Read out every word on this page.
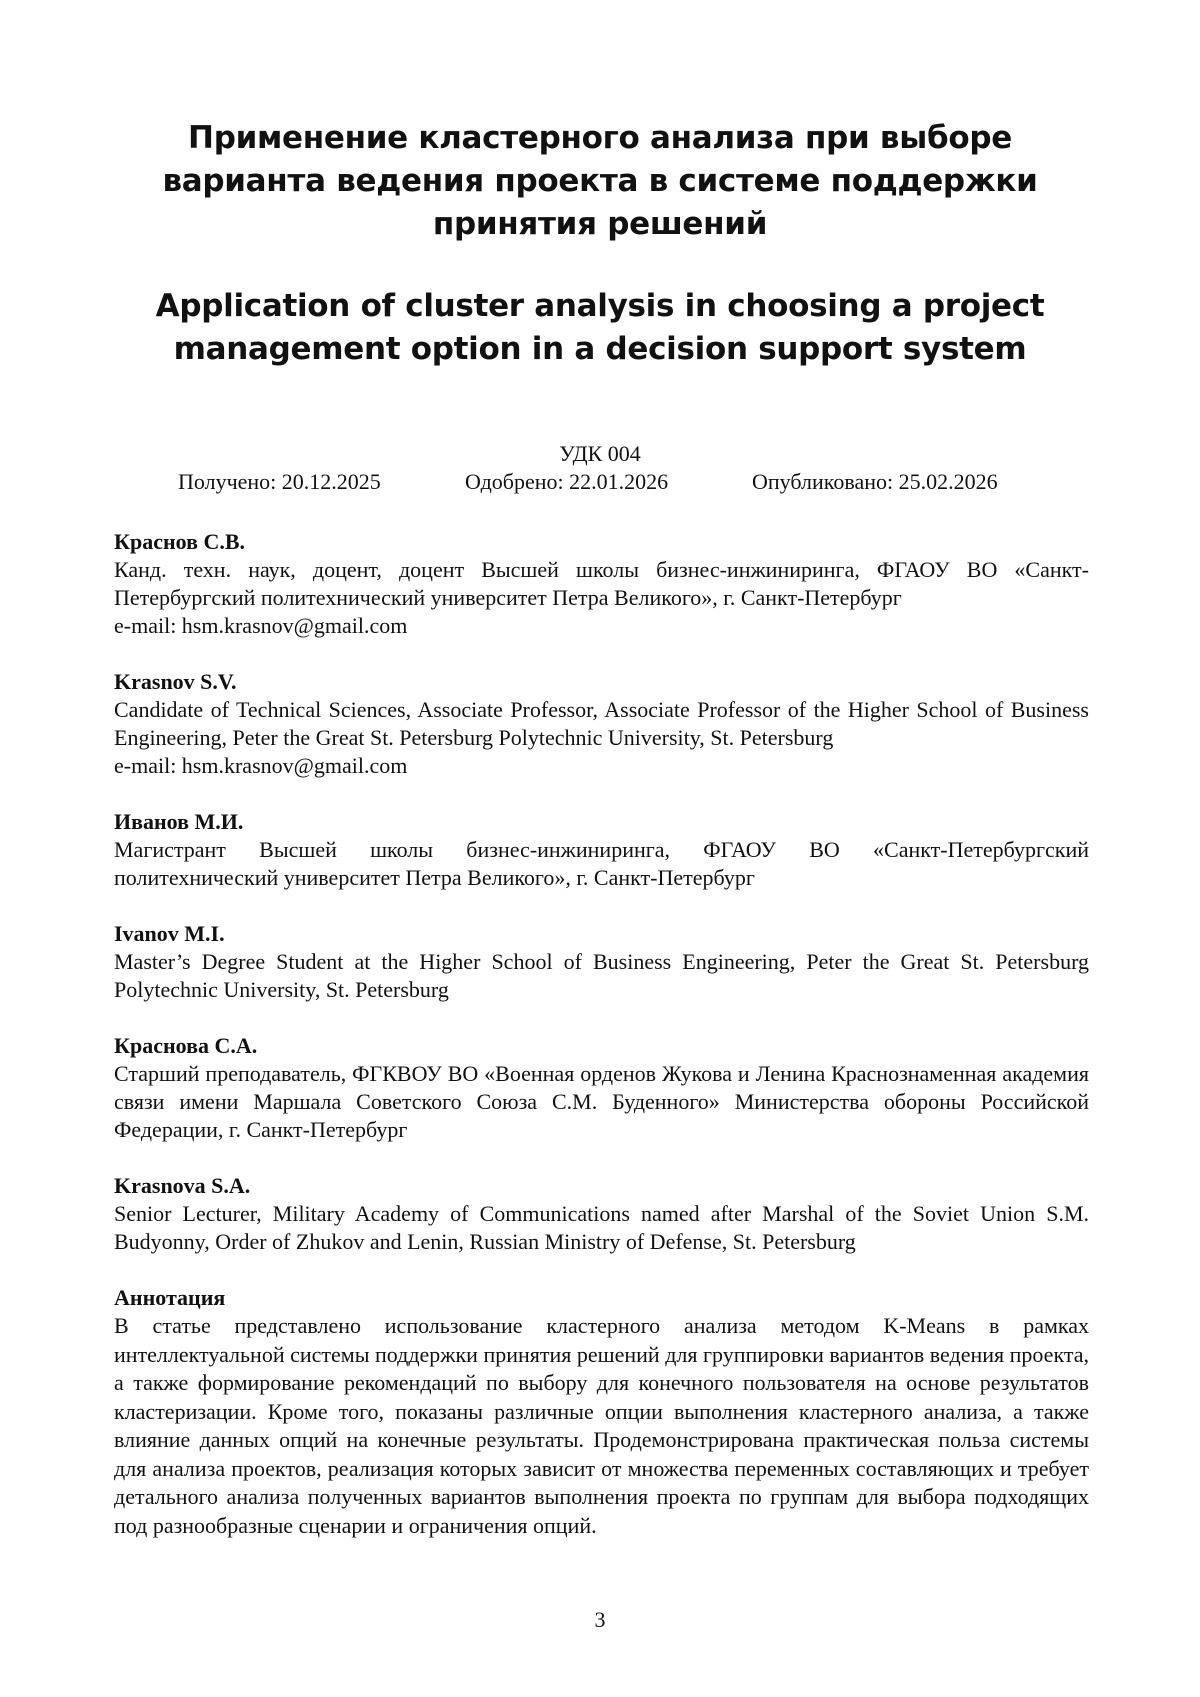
Применение кластерного анализа при выборе варианта ведения проекта в системе поддержки принятия решений
Application of cluster analysis in choosing a project management option in a decision support system
УДК 004
Получено: 20.12.2025	Одобрено: 22.01.2026	Опубликовано: 25.02.2026
Краснов С.В.
Канд. техн. наук, доцент, доцент Высшей школы бизнес-инжиниринга, ФГАОУ ВО «Санкт-Петербургский политехнический университет Петра Великого», г. Санкт-Петербург
e-mail: hsm.krasnov@gmail.com
Krasnov S.V.
Candidate of Technical Sciences, Associate Professor, Associate Professor of the Higher School of Business Engineering, Peter the Great St. Petersburg Polytechnic University, St. Petersburg
e-mail: hsm.krasnov@gmail.com
Иванов М.И.
Магистрант Высшей школы бизнес-инжиниринга, ФГАОУ ВО «Санкт-Петербургский политехнический университет Петра Великого», г. Санкт-Петербург
Ivanov M.I.
Master’s Degree Student at the Higher School of Business Engineering, Peter the Great St. Petersburg Polytechnic University, St. Petersburg
Краснова С.А.
Старший преподаватель, ФГКВОУ ВО «Военная орденов Жукова и Ленина Краснознаменная академия связи имени Маршала Советского Союза С.М. Буденного» Министерства обороны Российской Федерации, г. Санкт-Петербург
Krasnova S.A.
Senior Lecturer, Military Academy of Communications named after Marshal of the Soviet Union S.M. Budyonny, Order of Zhukov and Lenin, Russian Ministry of Defense, St. Petersburg
Аннотация
В статье представлено использование кластерного анализа методом K-Means в рамках интеллектуальной системы поддержки принятия решений для группировки вариантов ведения проекта, а также формирование рекомендаций по выбору для конечного пользователя на основе результатов кластеризации. Кроме того, показаны различные опции выполнения кластерного анализа, а также влияние данных опций на конечные результаты. Продемонстрирована практическая польза системы для анализа проектов, реализация которых зависит от множества переменных составляющих и требует детального анализа полученных вариантов выполнения проекта по группам для выбора подходящих под разнообразные сценарии и ограничения опций.
3
